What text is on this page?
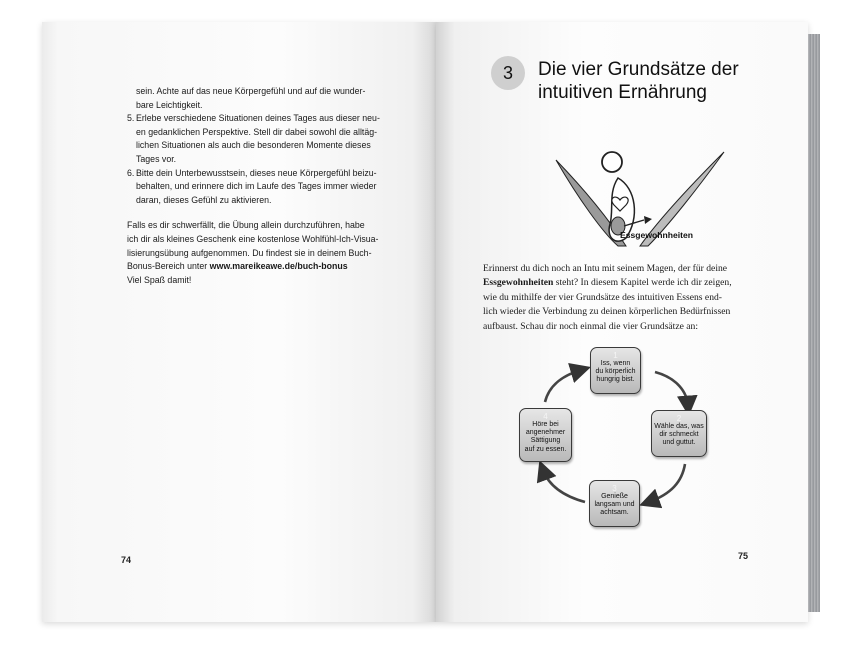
sein. Achte auf das neue Körpergefühl und auf die wunder-
bare Leichtigkeit.
5. Erlebe verschiedene Situationen deines Tages aus dieser neu-
en gedanklichen Perspektive. Stell dir dabei sowohl die alltäg-
lichen Situationen als auch die besonderen Momente dieses
Tages vor.
6. Bitte dein Unterbewusstsein, dieses neue Körpergefühl beizu-
behalten, und erinnere dich im Laufe des Tages immer wieder
daran, dieses Gefühl zu aktivieren.

Falls es dir schwerfällt, die Übung allein durchzuführen, habe
ich dir als kleines Geschenk eine kostenlose Wohlfühl-Ich-Visua-
lisierungsübung aufgenommen. Du findest sie in deinem Buch-
Bonus-Bereich unter www.mareikeawe.de/buch-bonus
Viel Spaß damit!

74
3	Die vier Grundsätze der
intuitiven Ernährung
Essgewohnheiten
Erinnerst du dich noch an Intu mit seinem Magen, der für deine
Essgewohnheiten steht? In diesem Kapitel werde ich dir zeigen,
wie du mithilfe der vier Grundsätze des intuitiven Essens end-
lich wieder die Verbindung zu deinen körperlichen Bedürfnissen
aufbaust. Schau dir noch einmal die vier Grundsätze an:
1
Iss, wenn
du körperlich
hungrig bist.
2
Wähle das, was
dir schmeckt
und guttut.
3
Genieße
langsam und
achtsam.
4
Höre bei
angenehmer
Sättigung
auf zu essen.
75
